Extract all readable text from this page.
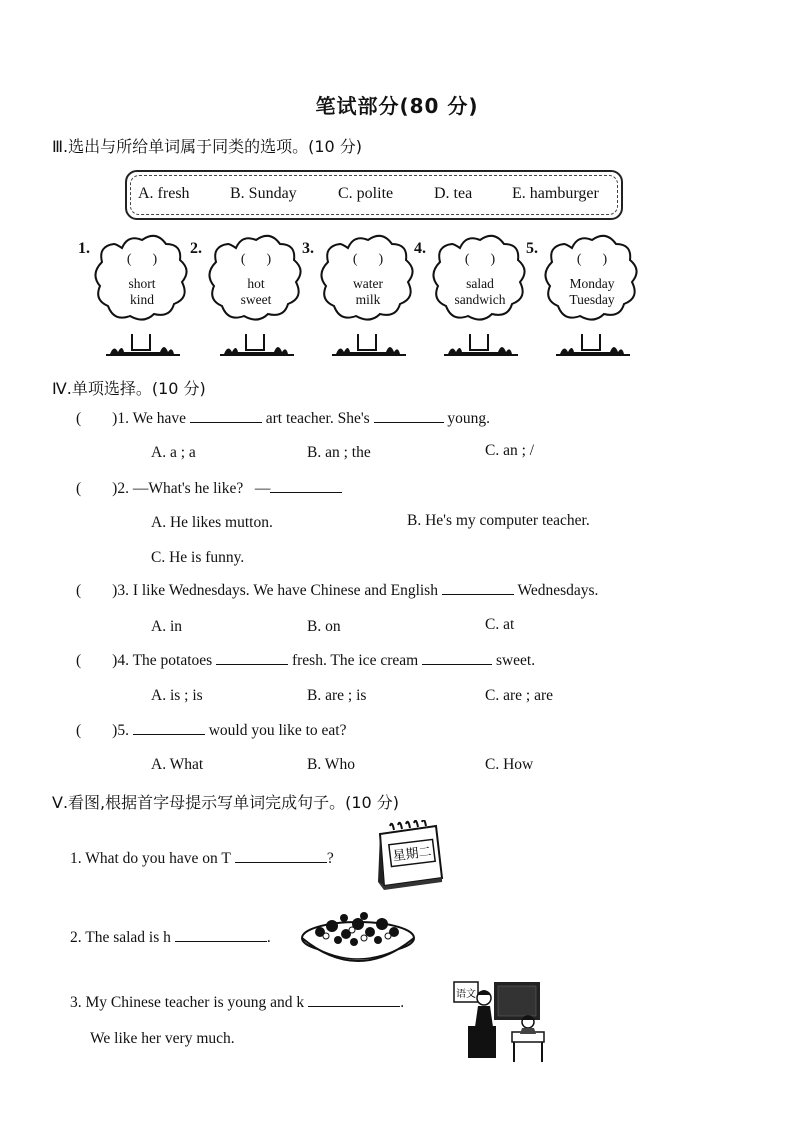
笔试部分(80 分)
Ⅲ.选出与所给单词属于同类的选项。(10 分)
A. fresh	B. Sunday	C. polite	D. tea E. hamburger
1.
(      )
short
kind
2.
(      )
hot
sweet
3.
(      )
water
milk
4.
(      )
salad
sandwich
5.
(      )
Monday
Tuesday
Ⅳ.单项选择。(10 分)
(        )1. We have	art teacher. She's	young.
A. a ; a	B. an ; the	C. an ; /
(        )2. —What's he like? —
A. He likes mutton.	B. He's my computer teacher.
C. He is funny.
(        )3. I like Wednesdays. We have Chinese and English	Wednesdays.
A. in	B. on	C. at
(        )4. The potatoes	fresh. The ice cream	sweet.
A. is ; is	B. are ; is	C. are ; are
(        )5.	would you like to eat?
A. What	B. Who	C. How
Ⅴ.看图,根据首字母提示写单词完成句子。(10 分)
1. What do you have on T	?
2. The salad is h	.
3. My Chinese teacher is young and k	.
We like her very much.
星期二
语文
